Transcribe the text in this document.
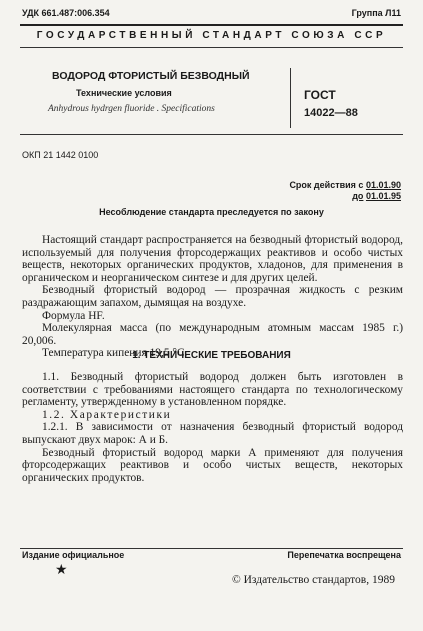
УДК 661.487:006.354	Группа Л11
ГОСУДАРСТВЕННЫЙ СТАНДАРТ СОЮЗА ССР
ВОДОРОД ФТОРИСТЫЙ БЕЗВОДНЫЙ
Технические условия
Anhydrous hydrgen fluoride . Specifications
ГОСТ
14022—88
ОКП 21 1442 0100
Срок действия с 01.01.90
до 01.01.95
Несоблюдение стандарта преследуется по закону

Настоящий стандарт распространяется на безводный фтористый водород, используемый для получения фторсодержащих реактивов и особо чистых веществ, некоторых органических продуктов, хладонов, для применения в органическом и неорганическом синтезе и для других целей.

Безводный фтористый водород — прозрачная жидкость с резким раздражающим запахом, дымящая на воздухе.

Формула HF.

Молекулярная масса (по международным атомным массам 1985 г.) 20,006.

Температура кипения 19,5 °С.

1. ТЕХНИЧЕСКИЕ ТРЕБОВАНИЯ

1.1. Безводный фтористый водород должен быть изготовлен в соответствии с требованиями настоящего стандарта по технологическому регламенту, утвержденному в установленном порядке.

1.2. Характеристики

1.2.1. В зависимости от назначения безводный фтористый водород выпускают двух марок: А и Б.

Безводный фтористый водород марки А применяют для получения фторсодержащих реактивов и особо чистых веществ, некоторых органических продуктов.

Издание официальное	Перепечатка воспрещена
★
© Издательство стандартов, 1989
